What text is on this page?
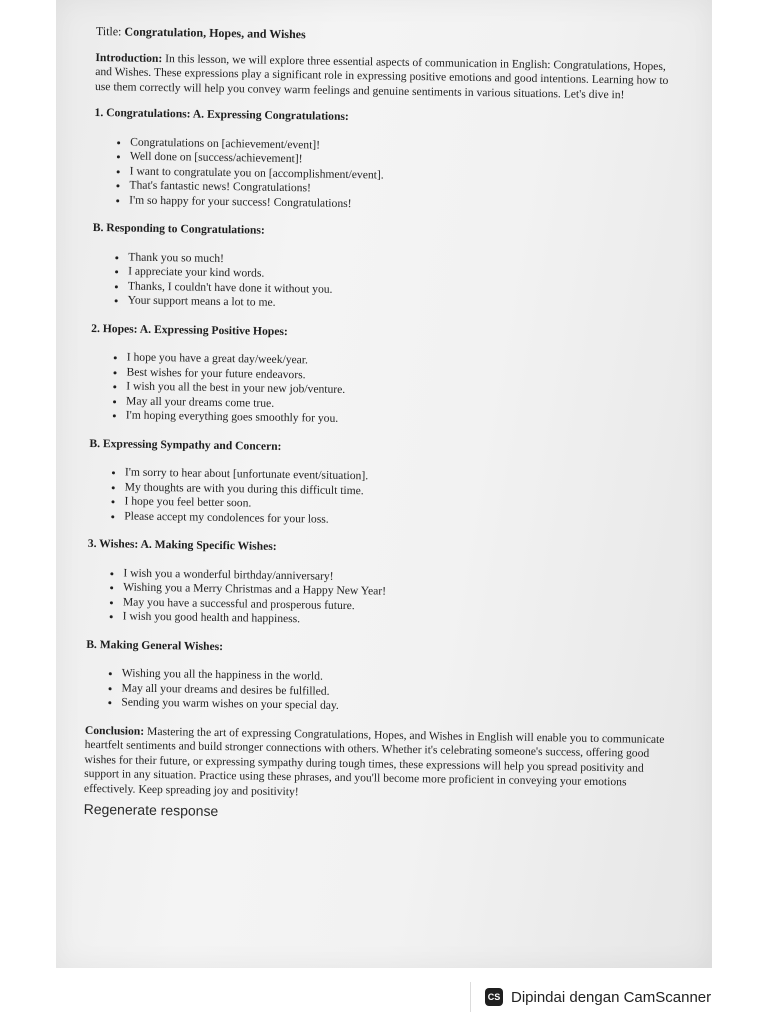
Title: Congratulation, Hopes, and Wishes
Introduction: In this lesson, we will explore three essential aspects of communication in English: Congratulations, Hopes, and Wishes. These expressions play a significant role in expressing positive emotions and good intentions. Learning how to use them correctly will help you convey warm feelings and genuine sentiments in various situations. Let's dive in!
1. Congratulations: A. Expressing Congratulations:
• Congratulations on [achievement/event]!
• Well done on [success/achievement]!
• I want to congratulate you on [accomplishment/event].
• That's fantastic news! Congratulations!
• I'm so happy for your success! Congratulations!
B. Responding to Congratulations:
• Thank you so much!
• I appreciate your kind words.
• Thanks, I couldn't have done it without you.
• Your support means a lot to me.
2. Hopes: A. Expressing Positive Hopes:
• I hope you have a great day/week/year.
• Best wishes for your future endeavors.
• I wish you all the best in your new job/venture.
• May all your dreams come true.
• I'm hoping everything goes smoothly for you.
B. Expressing Sympathy and Concern:
• I'm sorry to hear about [unfortunate event/situation].
• My thoughts are with you during this difficult time.
• I hope you feel better soon.
• Please accept my condolences for your loss.
3. Wishes: A. Making Specific Wishes:
• I wish you a wonderful birthday/anniversary!
• Wishing you a Merry Christmas and a Happy New Year!
• May you have a successful and prosperous future.
• I wish you good health and happiness.
B. Making General Wishes:
• Wishing you all the happiness in the world.
• May all your dreams and desires be fulfilled.
• Sending you warm wishes on your special day.
Conclusion: Mastering the art of expressing Congratulations, Hopes, and Wishes in English will enable you to communicate heartfelt sentiments and build stronger connections with others. Whether it's celebrating someone's success, offering good wishes for their future, or expressing sympathy during tough times, these expressions will help you spread positivity and support in any situation. Practice using these phrases, and you'll become more proficient in conveying your emotions effectively. Keep spreading joy and positivity!
Regenerate response
CS Dipindai dengan CamScanner
